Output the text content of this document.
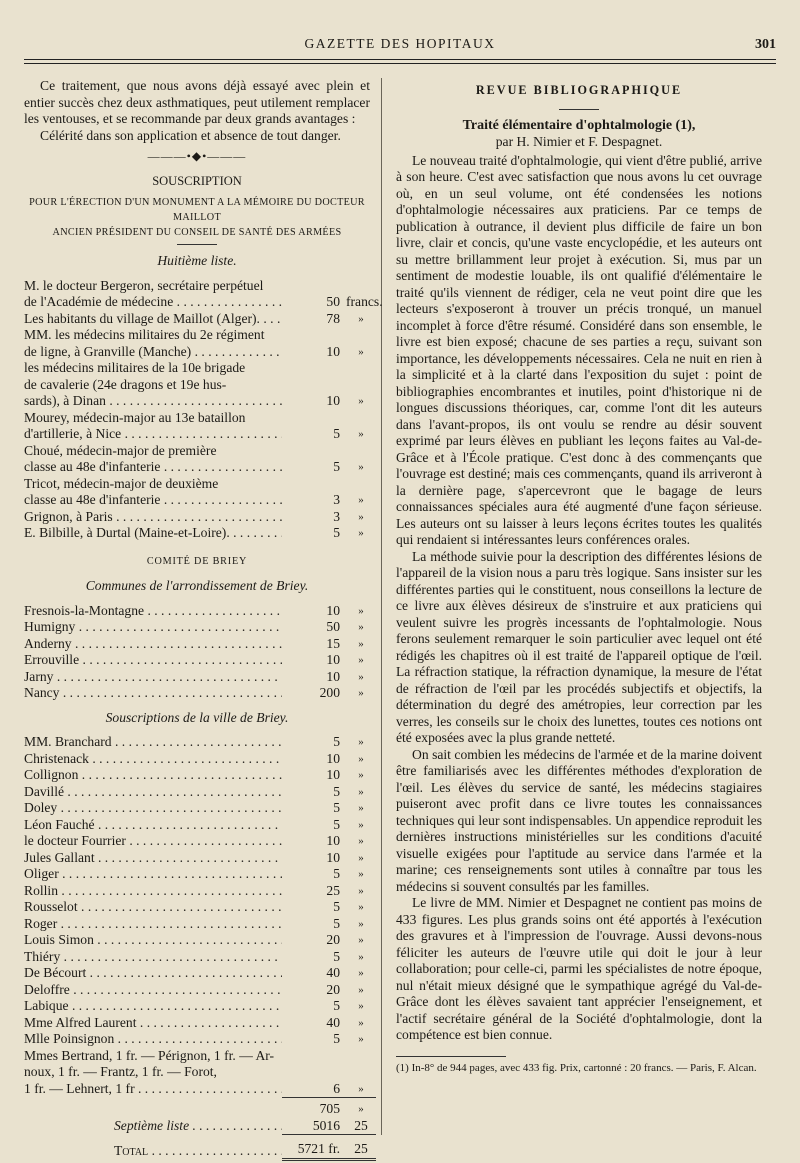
GAZETTE DES HOPITAUX	301

Ce traitement, que nous avons déjà essayé avec plein et entier succès chez deux asthmatiques, peut utilement remplacer les ventouses, et se recommande par deux grands avantages :

Célérité dans son application et absence de tout danger.

———•◆•———
SOUSCRIPTION
POUR L'ÉRECTION D'UN MONUMENT A LA MÉMOIRE DU DOCTEUR MAILLOT
ANCIEN PRÉSIDENT DU CONSEIL DE SANTÉ DES ARMÉES
Huitième liste.
M. le docteur Bergeron, secrétaire perpétuel		

de l'Académie de médecine . . .	50	francs.

Les habitants du village de Maillot (Alger). . . .	78	»
MM. les médecins militaires du 2e régiment		

de ligne, à Granville (Manche) . . .	10	»
les médecins militaires de la 10e brigade		
de cavalerie (24e dragons et 19e hus-		

sards), à Dinan . . .	10	»
Mourey, médecin-major au 13e bataillon		

d'artillerie, à Nice . . .	5	»
Choué, médecin-major de première		

classe au 48e d'infanterie . . .	5	»
Tricot, médecin-major de deuxième		

classe au 48e d'infanterie . . .	3	»

Grignon, à Paris . . .	3	»

E. Bilbille, à Durtal (Maine-et-Loire). . . .	5	»
COMITÉ DE BRIEY
Communes de l'arrondissement de Briey.
Fresnois-la-Montagne . . .	10	»

Humigny . . .	50	»

Anderny . . .	15	»

Errouville . . .	10	»

Jarny . . .	10	»

Nancy . . .	200	»
Souscriptions de la ville de Briey.
MM. Branchard . . .	5	»

Christenack . . .	10	»

Collignon . . .	10	»

Davillé . . .	5	»

Doley . . .	5	»

Léon Fauché . . .	5	»

le docteur Fourrier . . .	10	»

Jules Gallant . . .	10	»

Oliger . . .	5	»

Rollin . . .	25	»

Rousselot . . .	5	»

Roger . . .	5	»

Louis Simon . . .	20	»

Thiéry . . .	5	»

De Bécourt . . .	40	»

Deloffre . . .	20	»

Labique . . .	5	»

Mme Alfred Laurent . . .	40	»

Mlle Poinsignon . . .	5	»
Mmes Bertrand, 1 fr. — Pérignon, 1 fr. — Ar-		
noux, 1 fr. — Frantz, 1 fr. — Forot,		

1 fr. — Lehnert, 1 fr . . .	6	»
	705	»

Septième liste . . .	5016	25

Total . . .	5721 fr.	25
REVUE BIBLIOGRAPHIQUE
Traité élémentaire d'ophtalmologie (1),
par H. Nimier et F. Despagnet.

Le nouveau traité d'ophtalmologie, qui vient d'être publié, arrive à son heure. C'est avec satisfaction que nous avons lu cet ouvrage où, en un seul volume, ont été condensées les notions d'ophtalmologie nécessaires aux praticiens. Par ce temps de publication à outrance, il devient plus difficile de faire un bon livre, clair et concis, qu'une vaste encyclopédie, et les auteurs ont su mettre brillamment leur projet à exécution. Si, mus par un sentiment de modestie louable, ils ont qualifié d'élémentaire le traité qu'ils viennent de rédiger, cela ne veut point dire que les lecteurs s'exposeront à trouver un précis tronqué, un manuel incomplet à force d'être résumé. Considéré dans son ensemble, le livre est bien exposé; chacune de ses parties a reçu, suivant son importance, les développements nécessaires. Cela ne nuit en rien à la simplicité et à la clarté dans l'exposition du sujet : point de bibliographies encombrantes et inutiles, point d'historique ni de longues discussions théoriques, car, comme l'ont dit les auteurs dans l'avant-propos, ils ont voulu se rendre au désir souvent exprimé par leurs élèves en publiant les leçons faites au Val-de-Grâce et à l'École pratique. C'est donc à des commençants que l'ouvrage est destiné; mais ces commençants, quand ils arriveront à la dernière page, s'apercevront que le bagage de leurs connaissances spéciales aura été augmenté d'une façon sérieuse. Les auteurs ont su laisser à leurs leçons écrites toutes les qualités qui rendaient si intéressantes leurs conférences orales.

La méthode suivie pour la description des différentes lésions de l'appareil de la vision nous a paru très logique. Sans insister sur les différentes parties qui le constituent, nous conseillons la lecture de ce livre aux élèves désireux de s'instruire et aux praticiens qui veulent suivre les progrès incessants de l'ophtalmologie. Nous ferons seulement remarquer le soin particulier avec lequel ont été rédigés les chapitres où il est traité de l'appareil optique de l'œil. La réfraction statique, la réfraction dynamique, la mesure de l'état de réfraction de l'œil par les procédés subjectifs et objectifs, la détermination du degré des amétropies, leur correction par les verres, les conseils sur le choix des lunettes, toutes ces notions ont été exposées avec la plus grande netteté.

On sait combien les médecins de l'armée et de la marine doivent être familiarisés avec les différentes méthodes d'exploration de l'œil. Les élèves du service de santé, les médecins stagiaires puiseront avec profit dans ce livre toutes les connaissances techniques qui leur sont indispensables. Un appendice reproduit les dernières instructions ministérielles sur les conditions d'acuité visuelle exigées pour l'aptitude au service dans l'armée et la marine; ces renseignements sont utiles à connaître par tous les médecins si souvent consultés par les familles.

Le livre de MM. Nimier et Despagnet ne contient pas moins de 433 figures. Les plus grands soins ont été apportés à l'exécution des gravures et à l'impression de l'ouvrage. Aussi devons-nous féliciter les auteurs de l'œuvre utile qui doit le jour à leur collaboration; pour celle-ci, parmi les spécialistes de notre époque, nul n'était mieux désigné que le sympathique agrégé du Val-de-Grâce dont les élèves savaient tant apprécier l'enseignement, et l'actif secrétaire général de la Société d'ophtalmologie, dont la compétence est bien connue.

(1) In-8° de 944 pages, avec 433 fig. Prix, cartonné : 20 francs. — Paris, F. Alcan.
